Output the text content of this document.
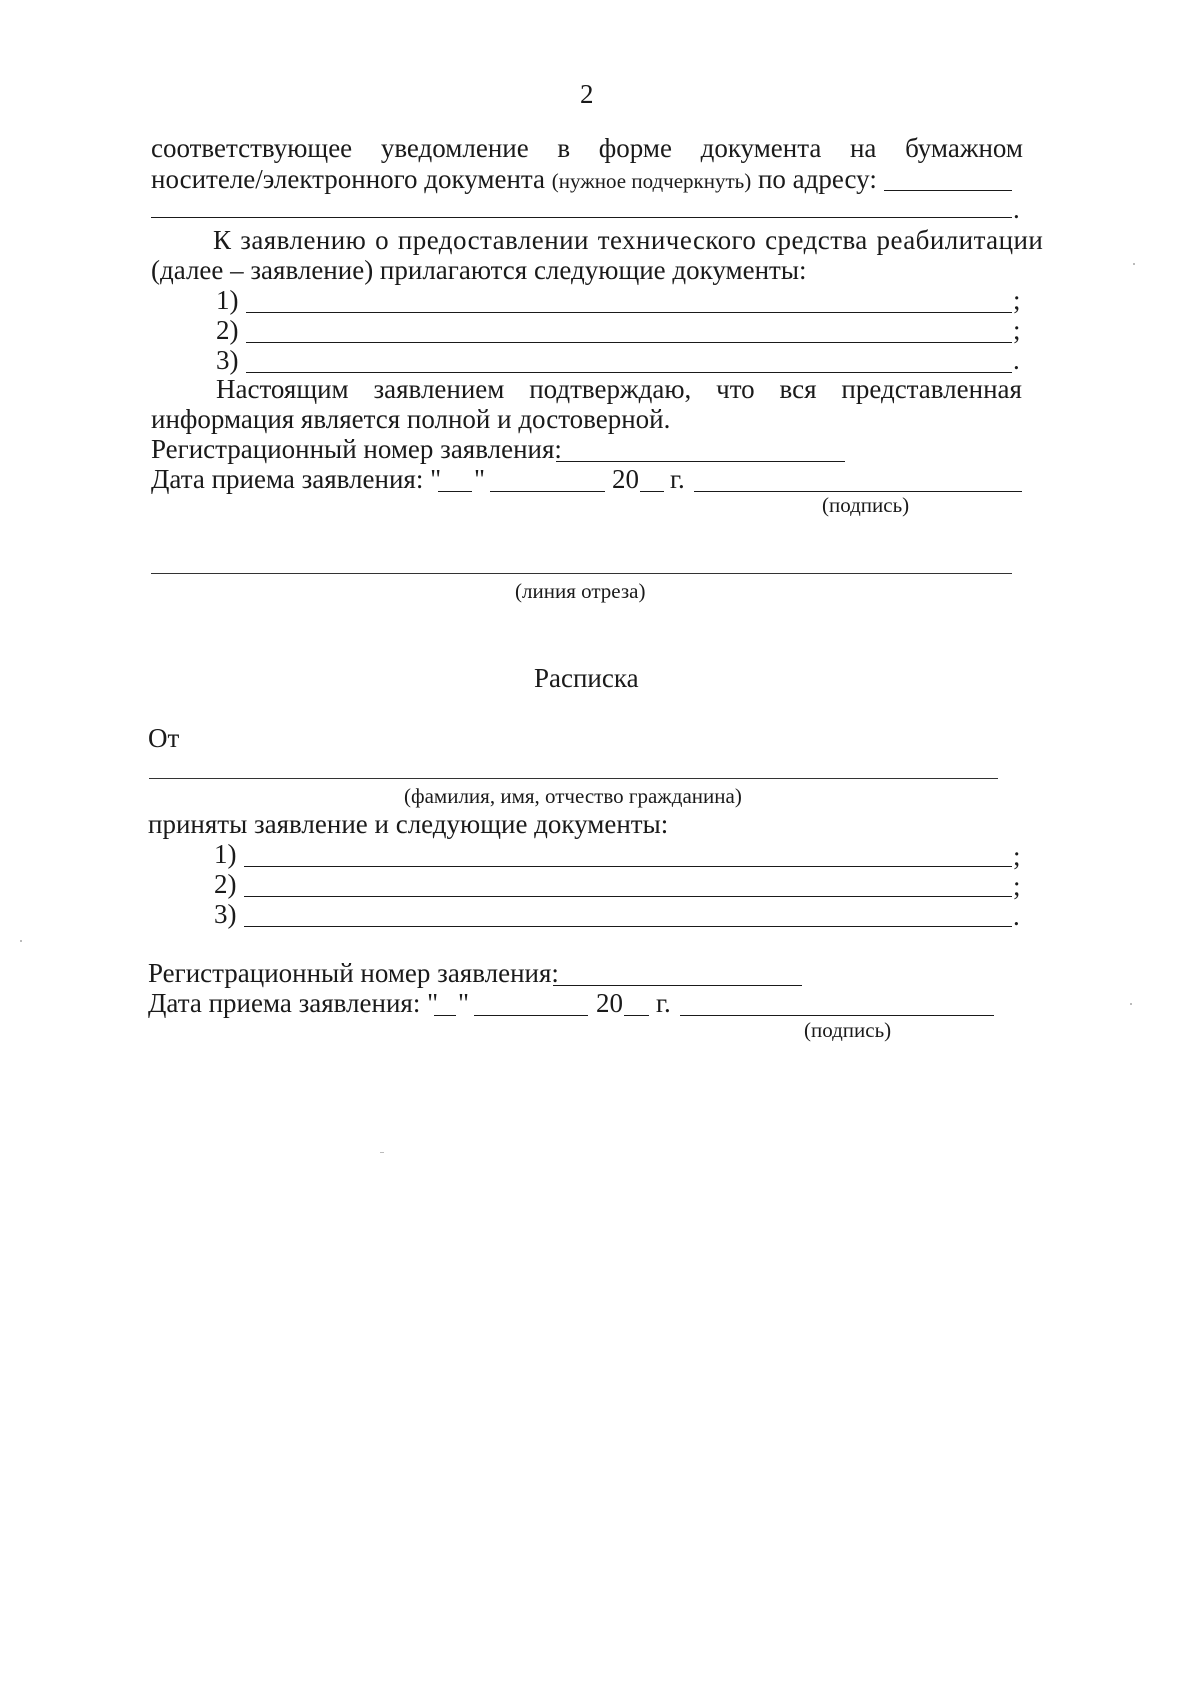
2
соответствующее уведомление в форме документа на бумажном
носителе/электронного документа (нужное подчеркнуть) по адресу:
.
К заявлению о предоставлении технического средства реабилитации
(далее – заявление) прилагаются следующие документы:
1)	;
2)	;
3)	.
Настоящим заявлением подтверждаю, что вся представленная
информация является полной и достоверной.
Регистрационный номер заявления:
Дата приема заявления: " "	20 г.
(подпись)
(линия отреза)
Расписка
От
(фамилия, имя, отчество гражданина)
приняты заявление и следующие документы:
1)	;
2)	;
3)	.
Регистрационный номер заявления:
Дата приема заявления: " "	20 г.
(подпись)
